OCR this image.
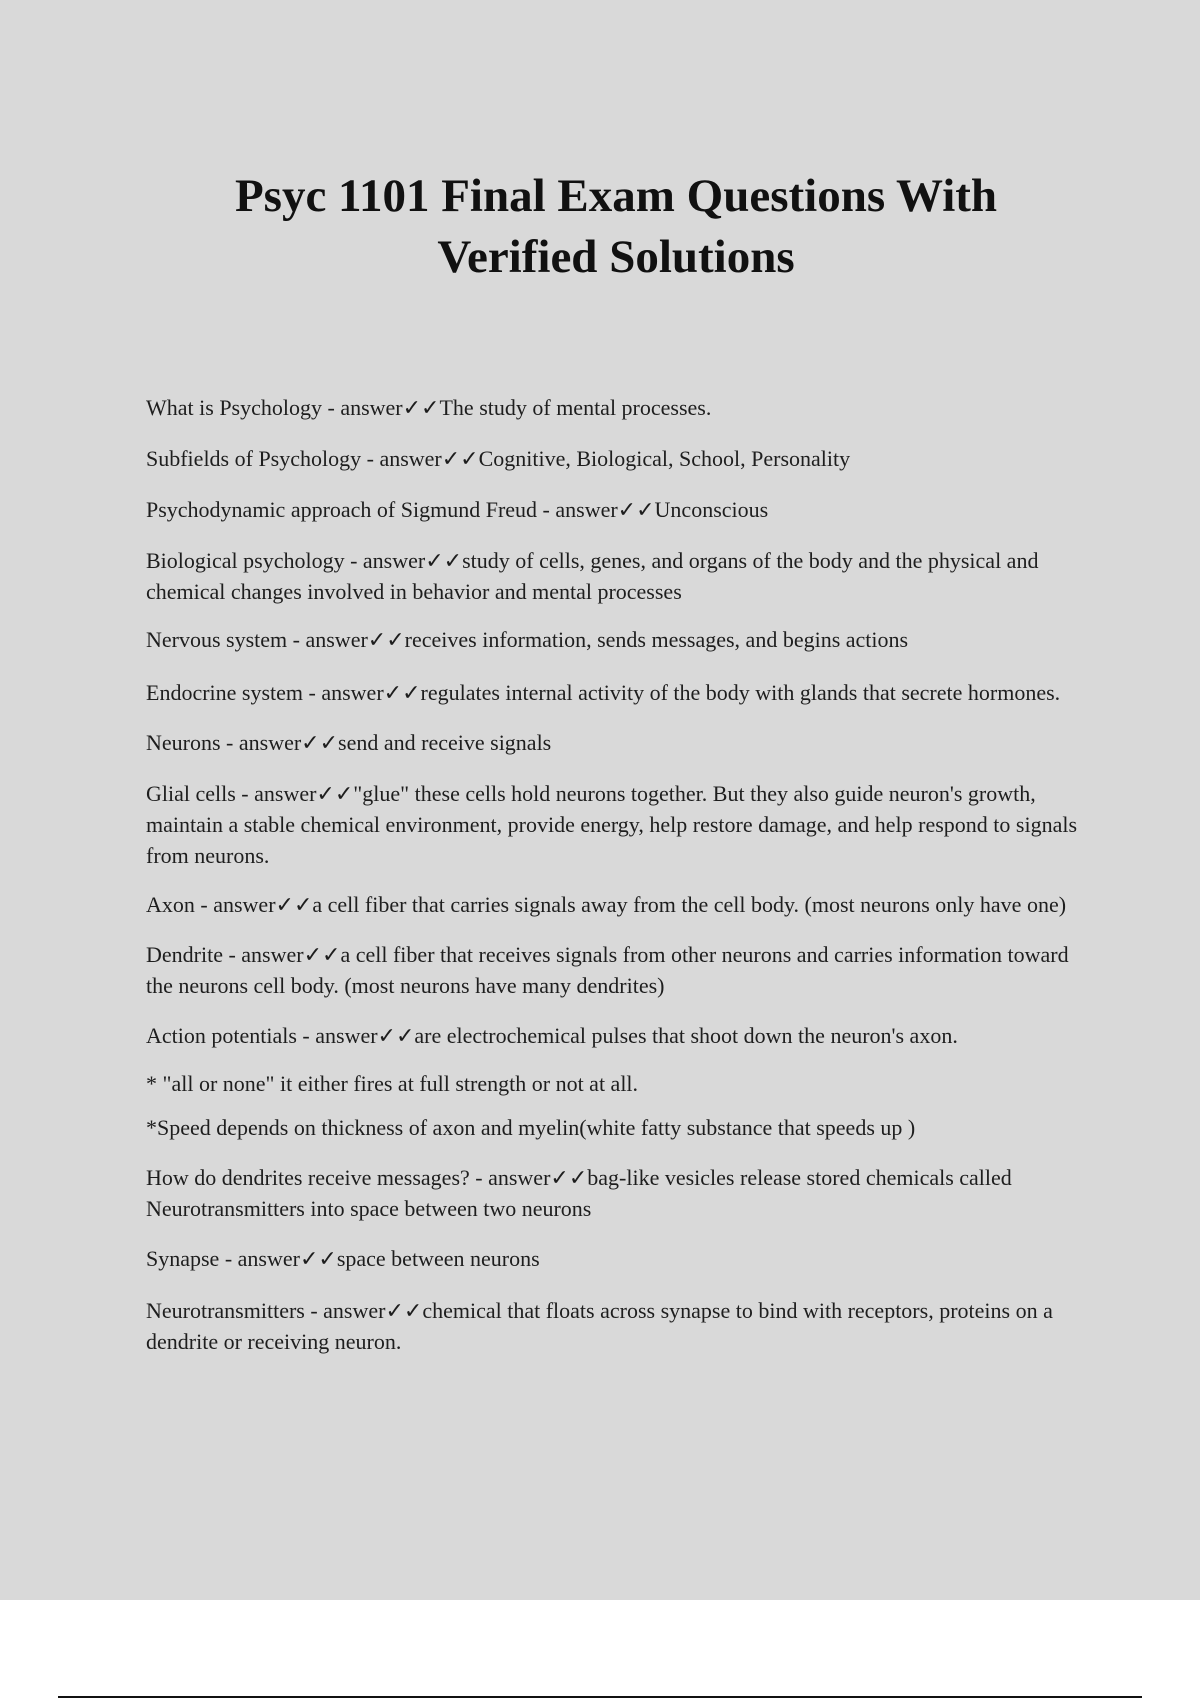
Psyc 1101 Final Exam Questions With
Verified Solutions
What is Psychology - answer✓✓The study of mental processes.
Subfields of Psychology - answer✓✓Cognitive, Biological, School, Personality
Psychodynamic approach of Sigmund Freud - answer✓✓Unconscious
Biological psychology - answer✓✓study of cells, genes, and organs of the body and the physical and chemical changes involved in behavior and mental processes
Nervous system - answer✓✓receives information, sends messages, and begins actions
Endocrine system - answer✓✓regulates internal activity of the body with glands that secrete hormones.
Neurons - answer✓✓send and receive signals
Glial cells - answer✓✓"glue" these cells hold neurons together. But they also guide neuron's growth, maintain a stable chemical environment, provide energy, help restore damage, and help respond to signals from neurons.
Axon - answer✓✓a cell fiber that carries signals away from the cell body. (most neurons only have one)
Dendrite - answer✓✓a cell fiber that receives signals from other neurons and carries information toward the neurons cell body. (most neurons have many dendrites)
Action potentials - answer✓✓are electrochemical pulses that shoot down the neuron's axon.
* "all or none" it either fires at full strength or not at all.
*Speed depends on thickness of axon and myelin(white fatty substance that speeds up )
How do dendrites receive messages? - answer✓✓bag-like vesicles release stored chemicals called Neurotransmitters into space between two neurons
Synapse - answer✓✓space between neurons
Neurotransmitters - answer✓✓chemical that floats across synapse to bind with receptors, proteins on a dendrite or receiving neuron.
